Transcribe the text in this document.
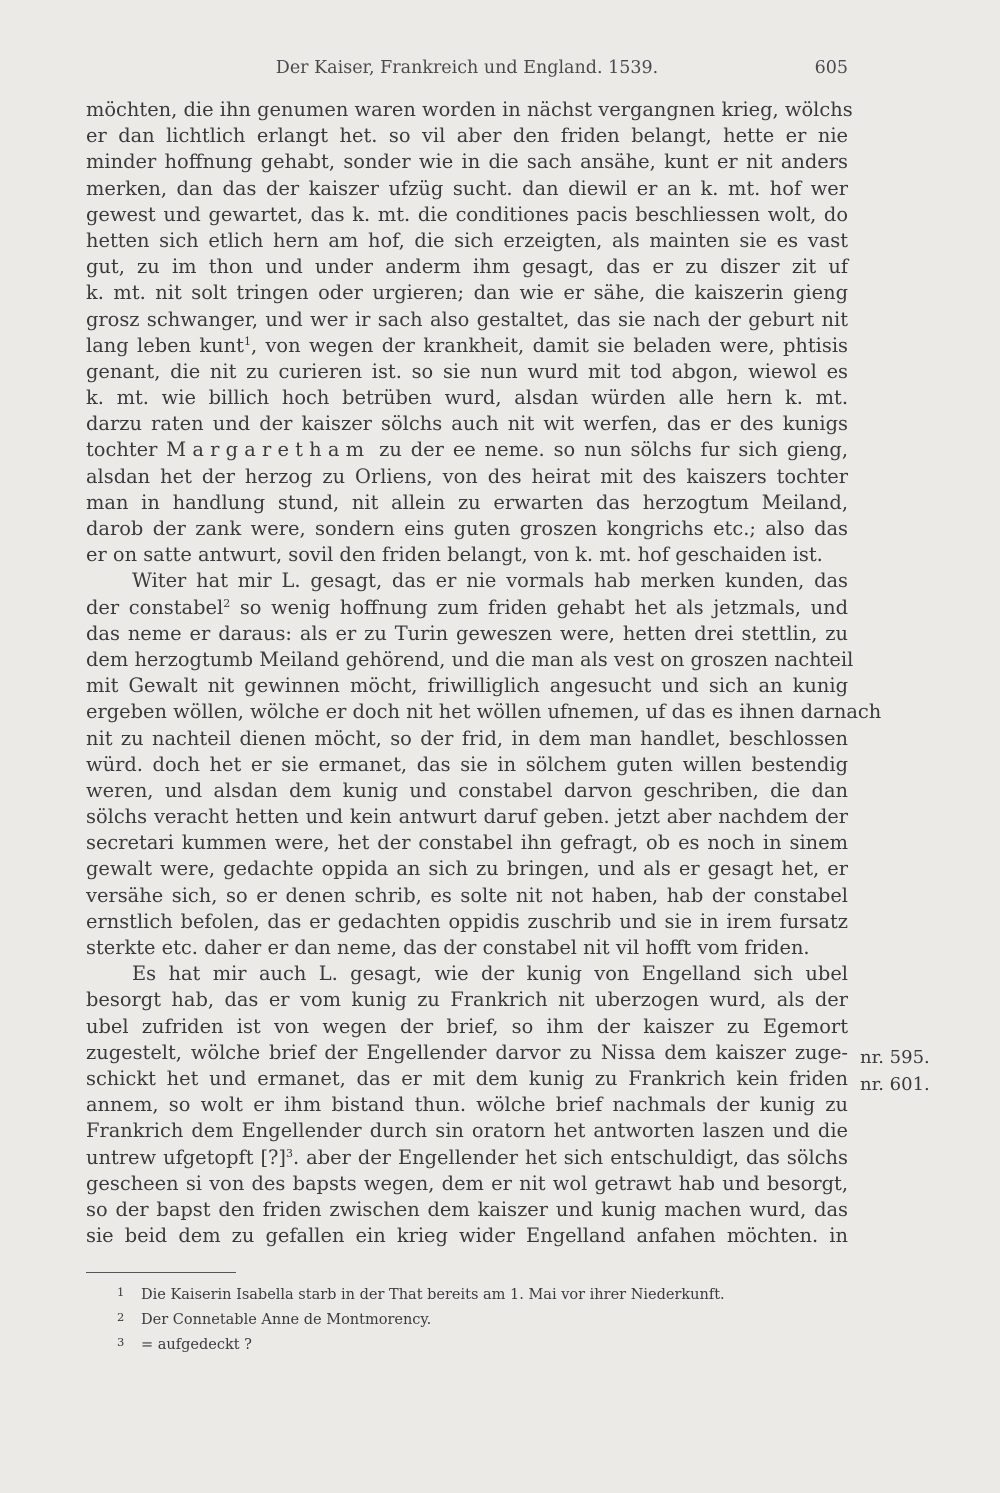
Der Kaiser, Frankreich und England. 1539.	605
möchten, die ihn genumen waren worden in nächst vergangnen krieg, wölchs
er dan lichtlich erlangt het. so vil aber den friden belangt, hette er nie
minder hoffnung gehabt, sonder wie in die sach ansähe, kunt er nit anders
merken, dan das der kaiszer ufzüg sucht. dan diewil er an k. mt. hof wer
gewest und gewartet, das k. mt. die conditiones pacis beschliessen wolt, do
hetten sich etlich hern am hof, die sich erzeigten, als mainten sie es vast
gut, zu im thon und under anderm ihm gesagt, das er zu diszer zit uf
k. mt. nit solt tringen oder urgieren; dan wie er sähe, die kaiszerin gieng
grosz schwanger, und wer ir sach also gestaltet, das sie nach der geburt nit
lang leben kunt$^1$, von wegen der krankheit, damit sie beladen were, phtisis
genant, die nit zu curieren ist. so sie nun wurd mit tod abgon, wiewol es
k. mt. wie billich hoch betrüben wurd, alsdan würden alle hern k. mt.
darzu raten und der kaiszer sölchs auch nit wit werfen, das er des kunigs
tochter Margaretham zu der ee neme. so nun sölchs fur sich gieng,
alsdan het der herzog zu Orliens, von des heirat mit des kaiszers tochter
man in handlung stund, nit allein zu erwarten das herzogtum Meiland,
darob der zank were, sondern eins guten groszen kongrichs etc.; also das
er on satte antwurt, sovil den friden belangt, von k. mt. hof geschaiden ist.
Witer hat mir L. gesagt, das er nie vormals hab merken kunden, das
der constabel$^2$ so wenig hoffnung zum friden gehabt het als jetzmals, und
das neme er daraus: als er zu Turin geweszen were, hetten drei stettlin, zu
dem herzogtumb Meiland gehörend, und die man als vest on groszen nachteil
mit Gewalt nit gewinnen möcht, friwilliglich angesucht und sich an kunig
ergeben wöllen, wölche er doch nit het wöllen ufnemen, uf das es ihnen darnach
nit zu nachteil dienen möcht, so der frid, in dem man handlet, beschlossen
würd. doch het er sie ermanet, das sie in sölchem guten willen bestendig
weren, und alsdan dem kunig und constabel darvon geschriben, die dan
sölchs veracht hetten und kein antwurt daruf geben. jetzt aber nachdem der
secretari kummen were, het der constabel ihn gefragt, ob es noch in sinem
gewalt were, gedachte oppida an sich zu bringen, und als er gesagt het, er
versähe sich, so er denen schrib, es solte nit not haben, hab der constabel
ernstlich befolen, das er gedachten oppidis zuschrib und sie in irem fursatz
sterkte etc. daher er dan neme, das der constabel nit vil hofft vom friden.
Es hat mir auch L. gesagt, wie der kunig von Engelland sich ubel
besorgt hab, das er vom kunig zu Frankrich nit uberzogen wurd, als der
ubel zufriden ist von wegen der brief, so ihm der kaiszer zu Egemort
zugestelt, wölche brief der Engellender darvor zu Nissa dem kaiszer zuge-
schickt het und ermanet, das er mit dem kunig zu Frankrich kein friden
annem, so wolt er ihm bistand thun. wölche brief nachmals der kunig zu
Frankrich dem Engellender durch sin oratorn het antworten laszen und die
untrew ufgetopft [?]$^3$. aber der Engellender het sich entschuldigt, das sölchs
gescheen si von des bapsts wegen, dem er nit wol getrawt hab und besorgt,
so der bapst den friden zwischen dem kaiszer und kunig machen wurd, das
sie beid dem zu gefallen ein krieg wider Engelland anfahen möchten. in
nr. 595.
nr. 601.
1 Die Kaiserin Isabella starb in der That bereits am 1. Mai vor ihrer Niederkunft.
2 Der Connetable Anne de Montmorency.
3 = aufgedeckt ?
